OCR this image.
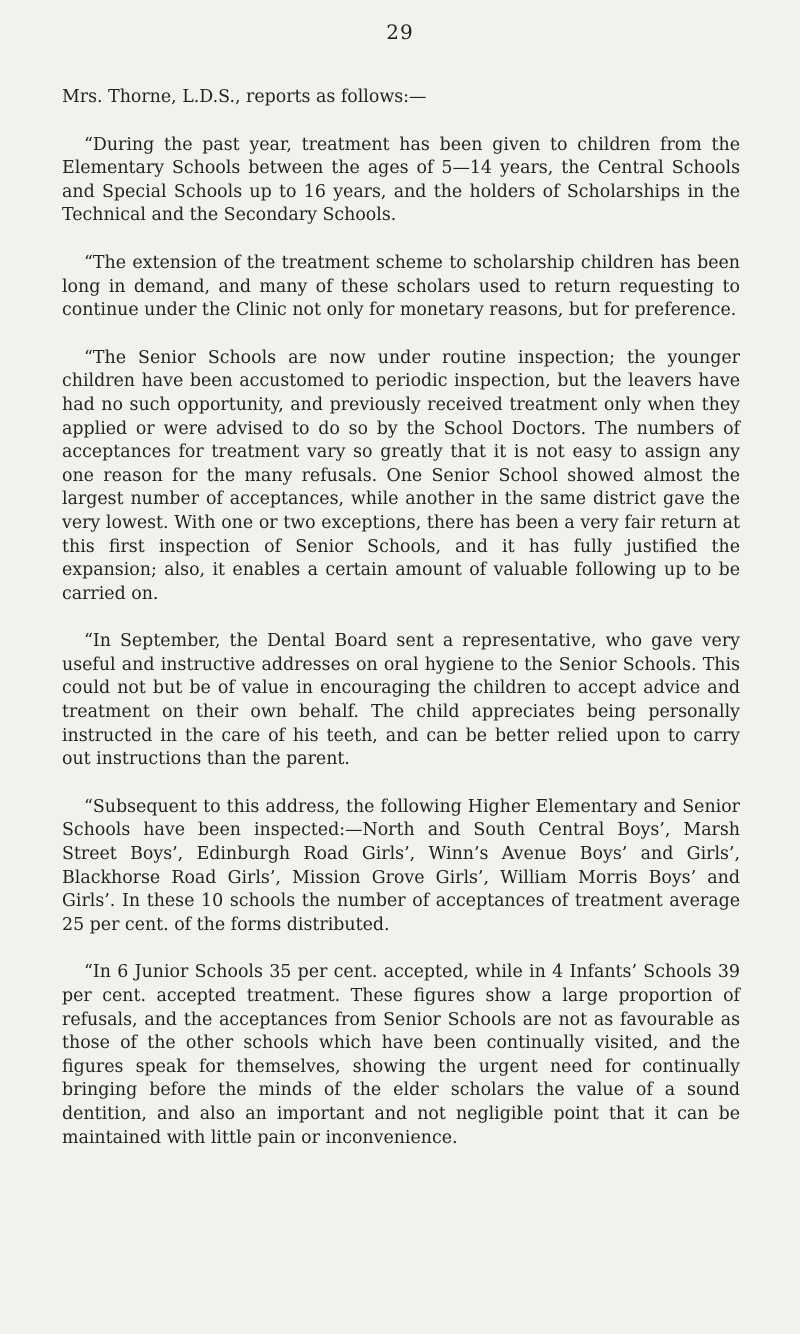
29

Mrs. Thorne, L.D.S., reports as follows:—

“During the past year, treatment has been given to children from the Elementary Schools between the ages of 5—14 years, the Central Schools and Special Schools up to 16 years, and the holders of Scholarships in the Technical and the Secondary Schools.

“The extension of the treatment scheme to scholarship children has been long in demand, and many of these scholars used to return requesting to continue under the Clinic not only for monetary reasons, but for preference.

“The Senior Schools are now under routine inspection; the younger children have been accustomed to periodic inspection, but the leavers have had no such opportunity, and previously received treatment only when they applied or were advised to do so by the School Doctors. The numbers of acceptances for treatment vary so greatly that it is not easy to assign any one reason for the many refusals. One Senior School showed almost the largest number of acceptances, while another in the same district gave the very lowest. With one or two exceptions, there has been a very fair return at this first inspection of Senior Schools, and it has fully justified the expansion; also, it enables a certain amount of valuable following up to be carried on.

“In September, the Dental Board sent a representative, who gave very useful and instructive addresses on oral hygiene to the Senior Schools. This could not but be of value in encouraging the children to accept advice and treatment on their own behalf. The child appreciates being personally instructed in the care of his teeth, and can be better relied upon to carry out instructions than the parent.

“Subsequent to this address, the following Higher Elementary and Senior Schools have been inspected:—North and South Central Boys’, Marsh Street Boys’, Edinburgh Road Girls’, Winn’s Avenue Boys’ and Girls’, Blackhorse Road Girls’, Mission Grove Girls’, William Morris Boys’ and Girls’. In these 10 schools the number of acceptances of treatment average 25 per cent. of the forms distributed.

“In 6 Junior Schools 35 per cent. accepted, while in 4 Infants’ Schools 39 per cent. accepted treatment. These figures show a large proportion of refusals, and the acceptances from Senior Schools are not as favourable as those of the other schools which have been continually visited, and the figures speak for themselves, showing the urgent need for continually bringing before the minds of the elder scholars the value of a sound dentition, and also an important and not negligible point that it can be maintained with little pain or inconvenience.
